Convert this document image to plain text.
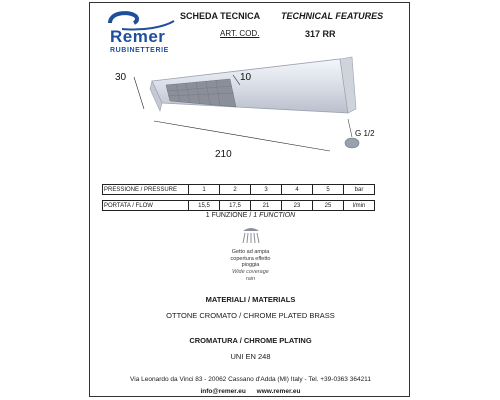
Remer
RUBINETTERIE
SCHEDA TECNICA TECHNICAL FEATURES
ART. COD.	317 RR
30	10
210
G 1/2
PRESSIONE / PRESSURE	1	2	3	4	5	bar

PORTATA / FLOW	15,5	17,5	21	23	25	l/min
1 FUNZIONE / 1 FUNCTION
Getto ad ampia
copertura effetto
pioggia
Wide coverage
rain
MATERIALI / MATERIALS
OTTONE CROMATO / CHROME PLATED BRASS
CROMATURA / CHROME PLATING
UNI EN 248
Via Leonardo da Vinci 83 - 20062 Cassano d'Adda (MI) Italy - Tel. +39-0363 364211
info@remer.eu      www.remer.eu
